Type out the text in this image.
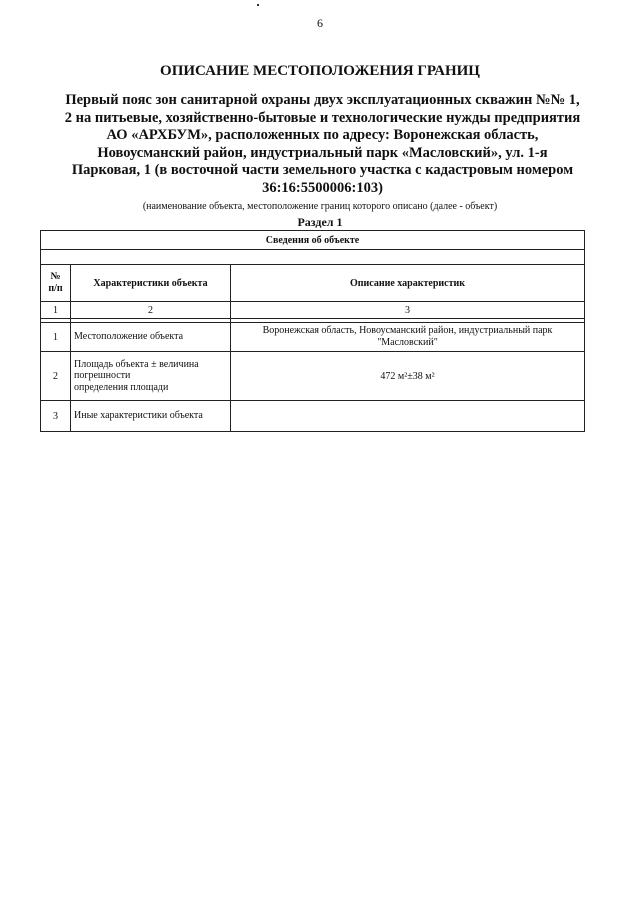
6
ОПИСАНИЕ МЕСТОПОЛОЖЕНИЯ ГРАНИЦ
Первый пояс зон санитарной охраны двух эксплуатационных скважин №№ 1,
2 на питьевые, хозяйственно-бытовые и технологические нужды предприятия
АО «АРХБУМ», расположенных по адресу: Воронежская область,
Новоусманский район, индустриальный парк «Масловский», ул. 1-я
Парковая, 1 (в восточной части земельного участка с кадастровым номером
36:16:5500006:103)
(наименование объекта, местоположение границ которого описано (далее - объект)
Раздел 1
Сведения об объекте		

№
п/п	Характеристики объекта	Описание характеристик
1	2	3

1	Местоположение объекта	Воронежская область, Новоусманский район, индустриальный парк
"Масловский"

2	Площадь объекта ± величина
погрешности
определения площади	472 м²±38 м²
3	Иные характеристики объекта	
